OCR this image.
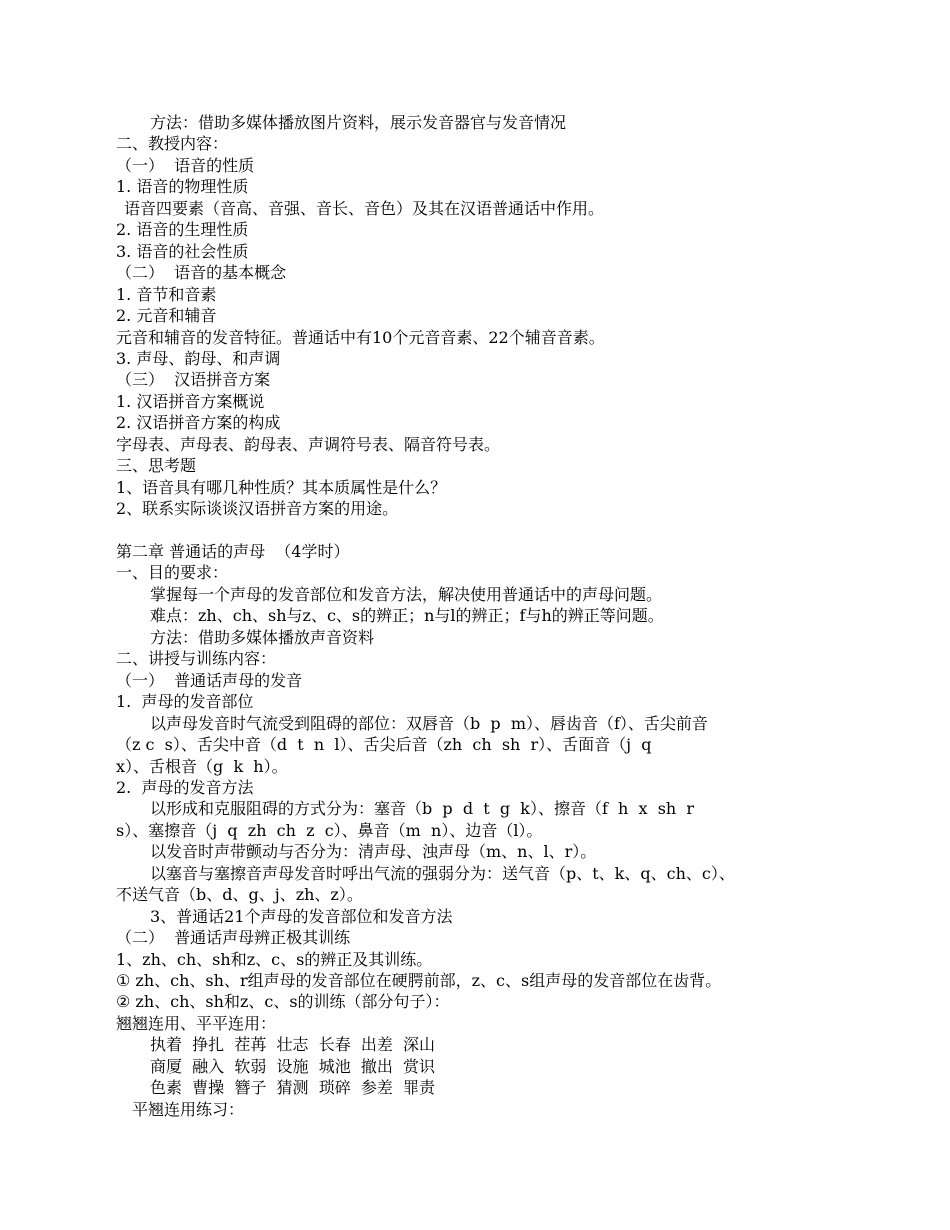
方法：借助多媒体播放图片资料，展示发音器官与发音情况
二、教授内容：
（一）  语音的性质
1. 语音的物理性质
语音四要素（音高、音强、音长、音色）及其在汉语普通话中作用。
2. 语音的生理性质
3. 语音的社会性质
（二）  语音的基本概念
1. 音节和音素
2. 元音和辅音
元音和辅音的发音特征。普通话中有10个元音音素、22个辅音音素。
3. 声母、韵母、和声调
（三）  汉语拼音方案
1. 汉语拼音方案概说
2. 汉语拼音方案的构成
字母表、声母表、韵母表、声调符号表、隔音符号表。
三、思考题
1、语音具有哪几种性质？其本质属性是什么？
2、联系实际谈谈汉语拼音方案的用途。
第二章 普通话的声母  （4学时）
一、目的要求：
掌握每一个声母的发音部位和发音方法，解决使用普通话中的声母问题。
难点：zh、ch、sh与z、c、s的辨正；n与l的辨正；f与h的辨正等问题。
方法：借助多媒体播放声音资料
二、讲授与训练内容：
（一）  普通话声母的发音
1.  声母的发音部位
以声母发音时气流受到阻碍的部位：双唇音（b  p  m）、唇齿音（f）、舌尖前音
（z c  s）、舌尖中音（d  t  n  l）、舌尖后音（zh  ch  sh  r）、舌面音（j  q
x）、舌根音（g  k  h）。
2.  声母的发音方法
以形成和克服阻碍的方式分为：塞音（b  p  d  t  g  k）、擦音（f  h  x  sh  r
s）、塞擦音（j  q  zh  ch  z  c）、鼻音（m  n）、边音（l）。
以发音时声带颤动与否分为：清声母、浊声母（m、n、l、r）。
以塞音与塞擦音声母发音时呼出气流的强弱分为：送气音（p、t、k、q、ch、c）、
不送气音（b、d、g、j、zh、z）。
3、普通话21个声母的发音部位和发音方法
（二）  普通话声母辨正极其训练
1、zh、ch、sh和z、c、s的辨正及其训练。
① zh、ch、sh、r组声母的发音部位在硬腭前部，z、c、s组声母的发音部位在齿背。
② zh、ch、sh和z、c、s的训练（部分句子）：
翘翘连用、平平连用：
执着  挣扎  茬苒  壮志  长春  出差  深山
商厦  融入  软弱  设施  城池  撤出  赏识
色素  曹操  簪子  猜测  琐碎  参差  罪责
平翘连用练习：
